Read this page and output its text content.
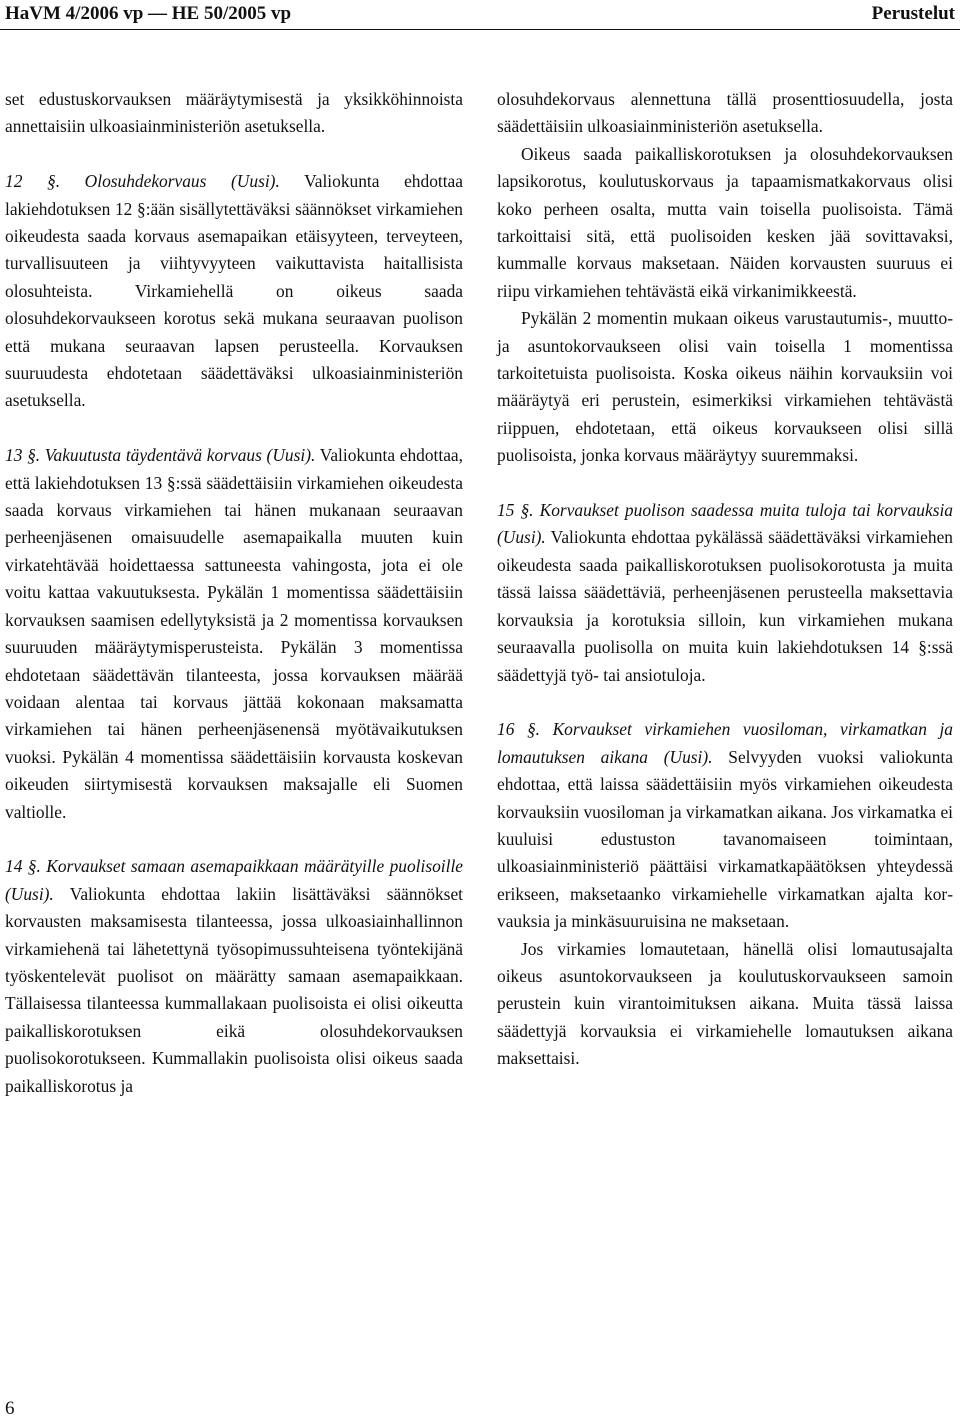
HaVM 4/2006 vp — HE 50/2005 vp	Perustelut

set edustuskorvauksen määräytymisestä ja yksikköhinnoista annettaisiin ulkoasiainministeriön asetuksella.

12 §. Olosuhdekorvaus (Uusi). Valiokunta ehdottaa lakiehdotuksen 12 §:ään sisällytettäväksi säännökset virkamiehen oikeudesta saada korvaus asemapaikan etäisyyteen, terveyteen, turvallisuuteen ja viihtyvyyteen vaikuttavista haitallisista olosuhteista. Virkamiehellä on oikeus saada olosuhdekorvaukseen korotus sekä mukana seuraavan puolison että mukana seuraavan lapsen perusteella. Korvauksen suuruudesta ehdotetaan säädettäväksi ulkoasiainministeriön asetuksella.

13 §. Vakuutusta täydentävä korvaus (Uusi). Valiokunta ehdottaa, että lakiehdotuksen 13 §:ssä säädettäisiin virkamiehen oikeudesta saada korvaus virkamiehen tai hänen mukanaan seuraavan perheenjäsenen omaisuudelle asemapaikalla muuten kuin virkatehtävää hoidettaessa sattuneesta vahingosta, jota ei ole voitu kattaa vakuutuksesta. Pykälän 1 momentissa säädettäisiin korvauksen saamisen edellytyksistä ja 2 momentissa korvauksen suuruuden määräytymisperusteista. Pykälän 3 momentissa ehdotetaan säädettävän tilanteesta, jossa korvauksen määrää voidaan alentaa tai korvaus jättää kokonaan maksamatta virkamiehen tai hänen perheenjäsenensä myötävaikutuksen vuoksi. Pykälän 4 momentissa säädettäisiin korvausta koskevan oikeuden siirtymisestä korvauksen maksajalle eli Suomen valtiolle.

14 §. Korvaukset samaan asemapaikkaan määrätyille puolisoille (Uusi). Valiokunta ehdottaa lakiin lisättäväksi säännökset korvausten maksamisesta tilanteessa, jossa ulkoasiainhallinnon virkamiehenä tai lähetettynä työsopimussuhteisena työntekijänä työskentelevät puolisot on määrätty samaan asemapaikkaan. Tällaisessa tilanteessa kummallakaan puolisoista ei olisi oikeutta paikalliskorotuksen eikä olosuhdekorvauksen puolisokorotukseen. Kummallakin puolisoista olisi oikeus saada paikalliskorotus ja

olosuhdekorvaus alennettuna tällä prosenttiosuudella, josta säädettäisiin ulkoasiainministeriön asetuksella.

Oikeus saada paikalliskorotuksen ja olosuhdekorvauksen lapsikorotus, koulutuskorvaus ja tapaamismatkakorvaus olisi koko perheen osalta, mutta vain toisella puolisoista. Tämä tarkoittaisi sitä, että puolisoiden kesken jää sovittavaksi, kummalle korvaus maksetaan. Näiden korvausten suuruus ei riipu virkamiehen tehtävästä eikä virkanimikkeestä.

Pykälän 2 momentin mukaan oikeus varustautumis-, muutto- ja asuntokorvaukseen olisi vain toisella 1 momentissa tarkoitetuista puolisoista. Koska oikeus näihin korvauksiin voi määräytyä eri perustein, esimerkiksi virkamiehen tehtävästä riippuen, ehdotetaan, että oikeus korvaukseen olisi sillä puolisoista, jonka korvaus määräytyy suuremmaksi.

15 §. Korvaukset puolison saadessa muita tuloja tai korvauksia (Uusi). Valiokunta ehdottaa pykälässä säädettäväksi virkamiehen oikeudesta saada paikalliskorotuksen puolisokorotusta ja muita tässä laissa säädettäviä, perheenjäsenen perusteella maksettavia korvauksia ja korotuksia silloin, kun virkamiehen mukana seuraavalla puolisolla on muita kuin lakiehdotuksen 14 §:ssä säädettyjä työ- tai ansiotuloja.

16 §. Korvaukset virkamiehen vuosiloman, virkamatkan ja lomautuksen aikana (Uusi). Selvyyden vuoksi valiokunta ehdottaa, että laissa säädettäisiin myös virkamiehen oikeudesta korvauksiin vuosiloman ja virkamatkan aikana. Jos virkamatka ei kuuluisi edustuston tavanomaiseen toimintaan, ulkoasiainministeriö päättäisi virkamatkapäätöksen yhteydessä erikseen, maksetaanko virkamiehelle virkamatkan ajalta korvauksia ja minkäsuuruisina ne maksetaan.

Jos virkamies lomautetaan, hänellä olisi lomautusajalta oikeus asuntokorvaukseen ja koulutuskorvaukseen samoin perustein kuin virantoimituksen aikana. Muita tässä laissa säädettyjä korvauksia ei virkamiehelle lomautuksen aikana maksettaisi.

6
